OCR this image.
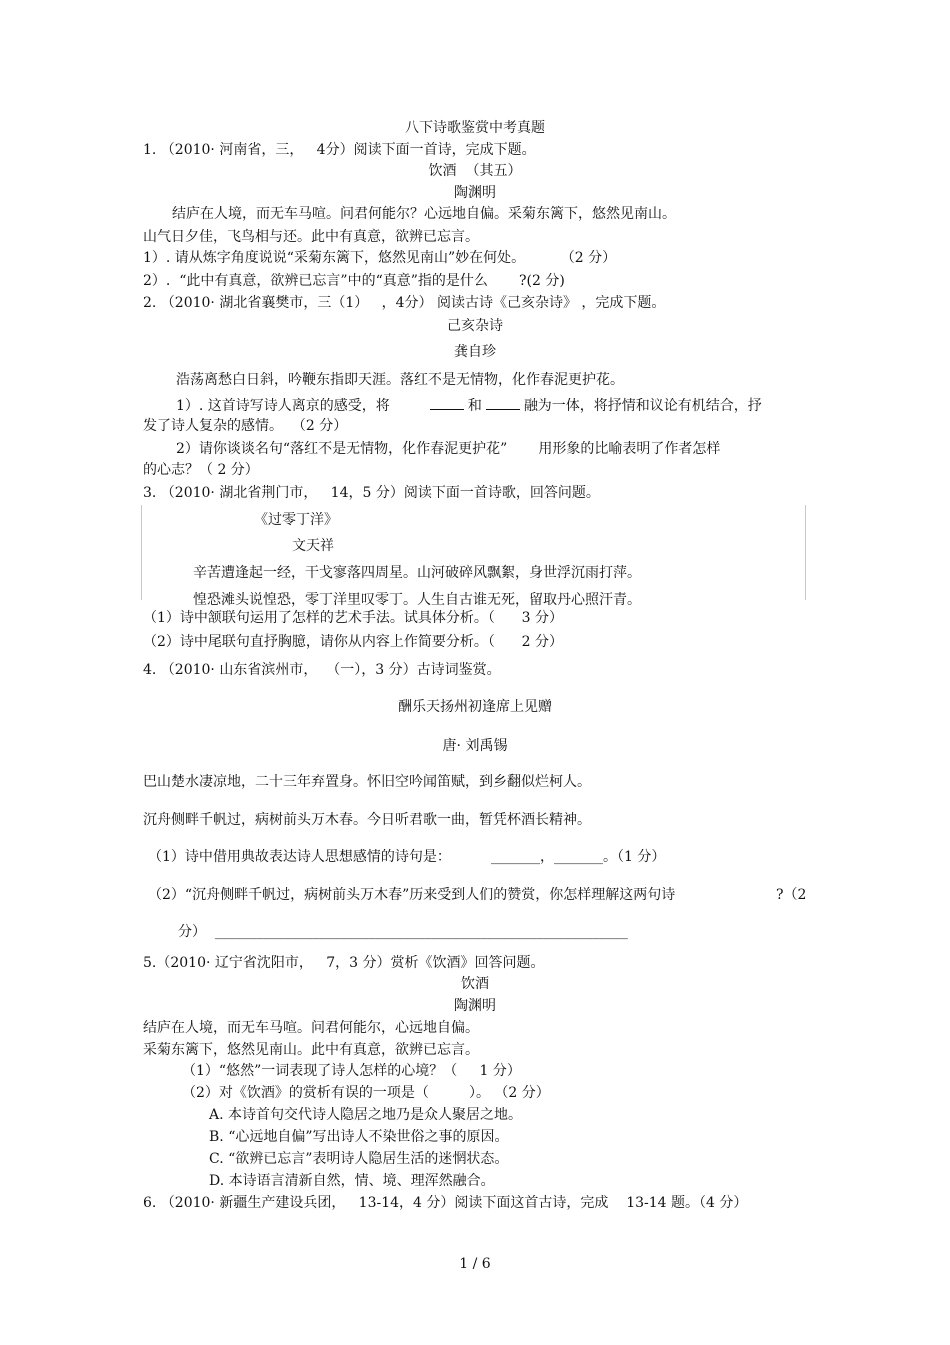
八下诗歌鉴赏中考真题
1. （2010· 河南省，三，   4分）阅读下面一首诗，完成下题。
饮酒  （其五）
陶渊明
结庐在人境，而无车马喧。问君何能尔？心远地自偏。采菊东篱下，悠然见南山。
山气日夕佳，飞鸟相与还。此中有真意，欲辨已忘言。
1）. 请从炼字角度说说“采菊东篱下，悠然见南山”妙在何处。        （2 分）
2）.  “此中有真意，欲辨已忘言”中的“真意”指的是什么       ?(2 分)
2. （2010· 湖北省襄樊市，三（1）   ，4分） 阅读古诗《己亥杂诗》 ，完成下题。
己亥杂诗
龚自珍
浩荡离愁白日斜，吟鞭东指即天涯。落红不是无情物，化作春泥更护花。
1）. 这首诗写诗人离京的感受，将	和	融为一体，将抒情和议论有机结合，抒
发了诗人复杂的感情。  （2 分）
2）请你谈谈名句“落红不是无情物，化作春泥更护花”       用形象的比喻表明了作者怎样
的心志？（ 2 分）
3. （2010· 湖北省荆门市，   14，5 分）阅读下面一首诗歌，回答问题。
《过零丁洋》
文天祥
辛苦遭逢起一经，干戈寥落四周星。山河破碎风飘絮，身世浮沉雨打萍。
惶恐滩头说惶恐，零丁洋里叹零丁。人生自古谁无死，留取丹心照汗青。
（1）诗中颔联句运用了怎样的艺术手法。试具体分析。（      3 分）
（2）诗中尾联句直抒胸臆，请你从内容上作简要分析。（      2 分）
4. （2010· 山东省滨州市，  （一），3 分）古诗词鉴赏。
酬乐天扬州初逢席上见赠
唐· 刘禹锡
巴山楚水凄凉地，二十三年弃置身。怀旧空吟闻笛赋，到乡翻似烂柯人。
沉舟侧畔千帆过，病树前头万木春。今日听君歌一曲，暂凭杯酒长精神。
（1）诗中借用典故表达诗人思想感情的诗句是：         _______，_______。（1 分）
（2）“沉舟侧畔千帆过，病树前头万木春”历来受到人们的赞赏，你怎样理解这两句诗	?（2
分）  ___________________________________________________________
5.（2010· 辽宁省沈阳市，   7，3 分）赏析《饮酒》回答问题。
饮酒
陶渊明
结庐在人境，而无车马喧。问君何能尔，心远地自偏。
采菊东篱下，悠然见南山。此中有真意，欲辨已忘言。
（1）“悠然”一词表现了诗人怎样的心境？（     1 分）
（2）对《饮酒》的赏析有误的一项是（         ）。 （2 分）
A. 本诗首句交代诗人隐居之地乃是众人聚居之地。
B. “心远地自偏”写出诗人不染世俗之事的原因。
C. “欲辨已忘言”表明诗人隐居生活的迷惘状态。
D. 本诗语言清新自然，情、境、理浑然融合。
6. （2010· 新疆生产建设兵团，   13-14，4 分）阅读下面这首古诗，完成    13-14 题。（4 分）
1 / 6
